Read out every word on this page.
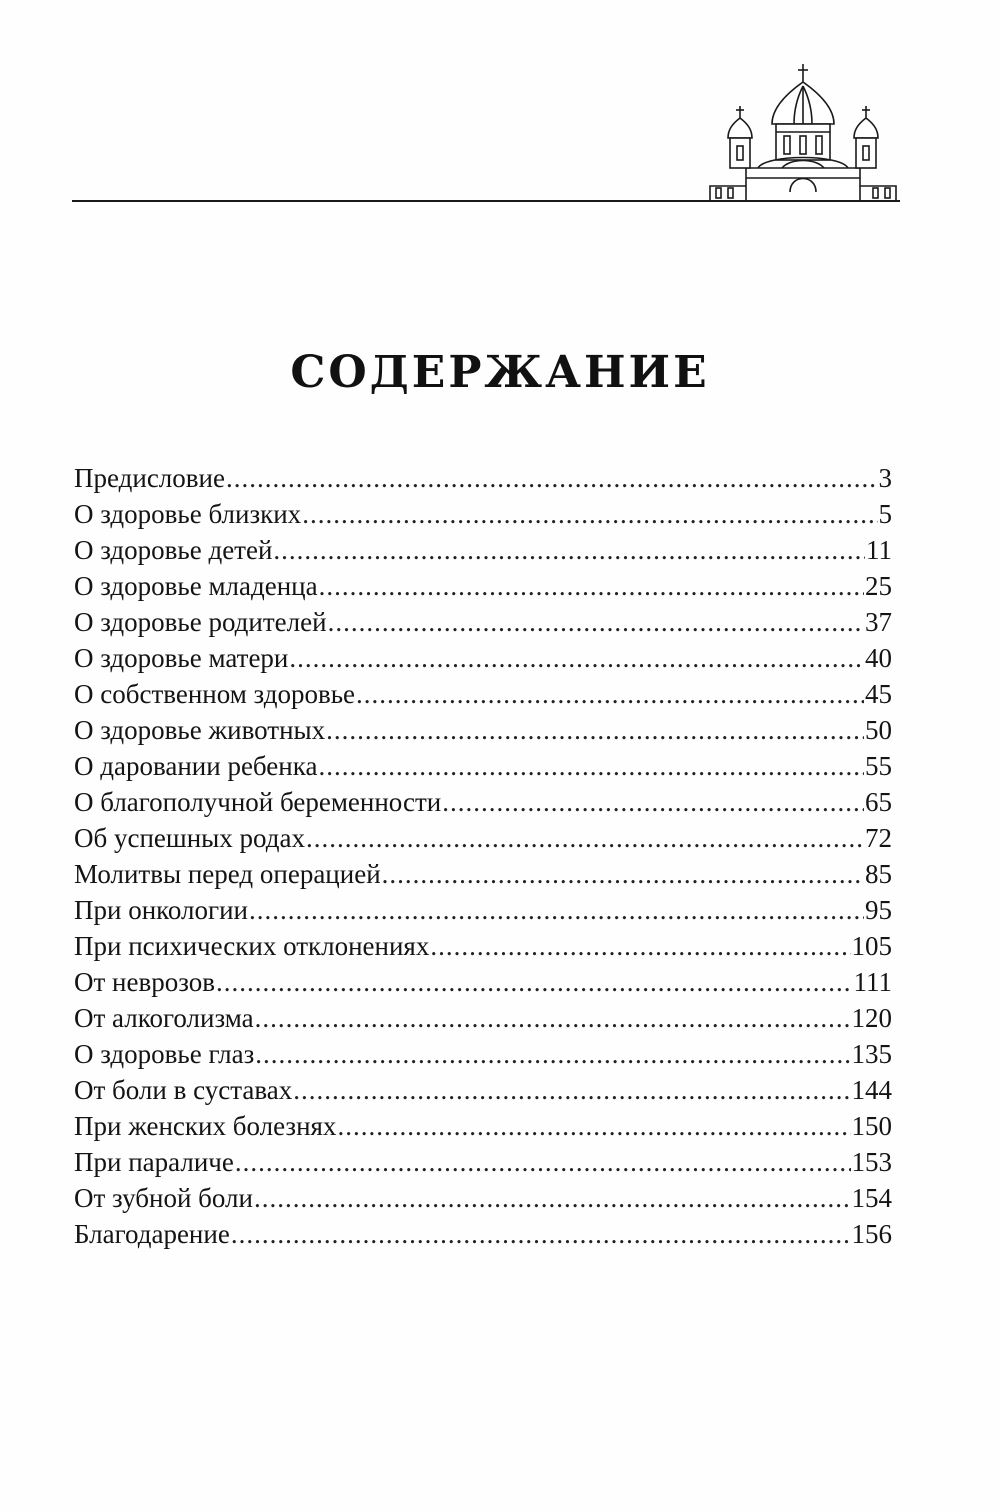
СОДЕРЖАНИЕ
Предисловие .....	3
О здоровье близких .....	5
О здоровье детей .....	11
О здоровье младенца .....	25
О здоровье родителей .....	37
О здоровье матери .....	40
О собственном здоровье .....	45
О здоровье животных .....	50
О даровании ребенка .....	55
О благополучной беременности .....	65
Об успешных родах .....	72
Молитвы перед операцией .....	85
При онкологии .....	95
При психических отклонениях .....	105
От неврозов .....	111
От алкоголизма .....	120
О здоровье глаз .....	135
От боли в суставах .....	144
При женских болезнях .....	150
При параличе .....	153
От зубной боли .....	154
Благодарение .....	156
